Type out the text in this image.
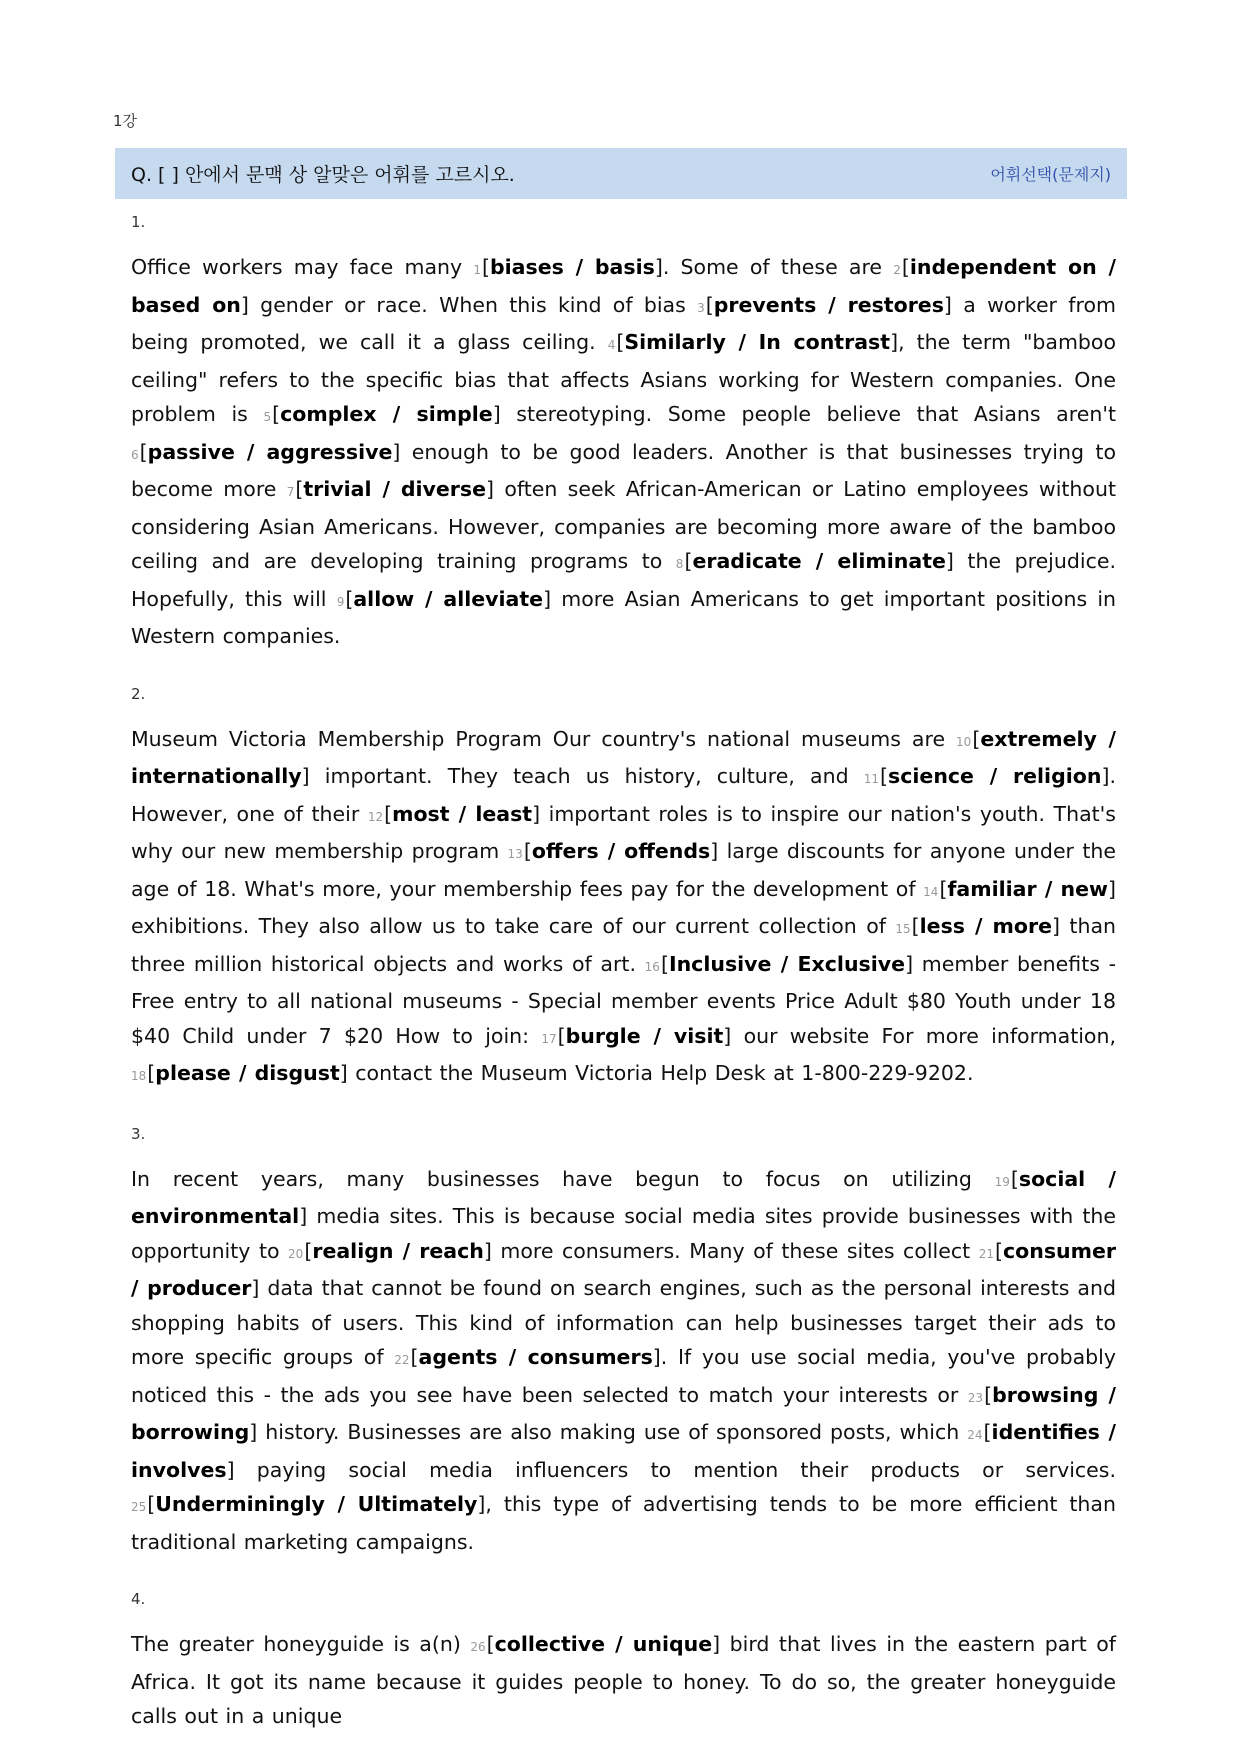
1강
Q. [ ] 안에서 문맥 상 알맞은 어휘를 고르시오.	어휘선택(문제지)
1.

Office workers may face many 1[biases / basis]. Some of these are 2[independent on / based on] gender or race. When this kind of bias 3[prevents / restores] a worker from being promoted, we call it a glass ceiling. 4[Similarly / In contrast], the term "bamboo ceiling" refers to the specific bias that affects Asians working for Western companies. One problem is 5[complex / simple] stereotyping. Some people believe that Asians aren't 6[passive / aggressive] enough to be good leaders. Another is that businesses trying to become more 7[trivial / diverse] often seek African-American or Latino employees without considering Asian Americans. However, companies are becoming more aware of the bamboo ceiling and are developing training programs to 8[eradicate / eliminate] the prejudice. Hopefully, this will 9[allow / alleviate] more Asian Americans to get important positions in Western companies.

2.

Museum Victoria Membership Program Our country's national museums are 10[extremely / internationally] important. They teach us history, culture, and 11[science / religion]. However, one of their 12[most / least] important roles is to inspire our nation's youth. That's why our new membership program 13[offers / offends] large discounts for anyone under the age of 18. What's more, your membership fees pay for the development of 14[familiar / new] exhibitions. They also allow us to take care of our current collection of 15[less / more] than three million historical objects and works of art. 16[Inclusive / Exclusive] member benefits - Free entry to all national museums - Special member events Price Adult $80 Youth under 18 $40 Child under 7 $20 How to join: 17[burgle / visit] our website For more information, 18[please / disgust] contact the Museum Victoria Help Desk at 1-800-229-9202.

3.

In recent years, many businesses have begun to focus on utilizing 19[social / environmental] media sites. This is because social media sites provide businesses with the opportunity to 20[realign / reach] more consumers. Many of these sites collect 21[consumer / producer] data that cannot be found on search engines, such as the personal interests and shopping habits of users. This kind of information can help businesses target their ads to more specific groups of 22[agents / consumers]. If you use social media, you've probably noticed this - the ads you see have been selected to match your interests or 23[browsing / borrowing] history. Businesses are also making use of sponsored posts, which 24[identifies / involves] paying social media influencers to mention their products or services. 25[Underminingly / Ultimately], this type of advertising tends to be more efficient than traditional marketing campaigns.

4.

The greater honeyguide is a(n) 26[collective / unique] bird that lives in the eastern part of Africa. It got its name because it guides people to honey. To do so, the greater honeyguide calls out in a unique
